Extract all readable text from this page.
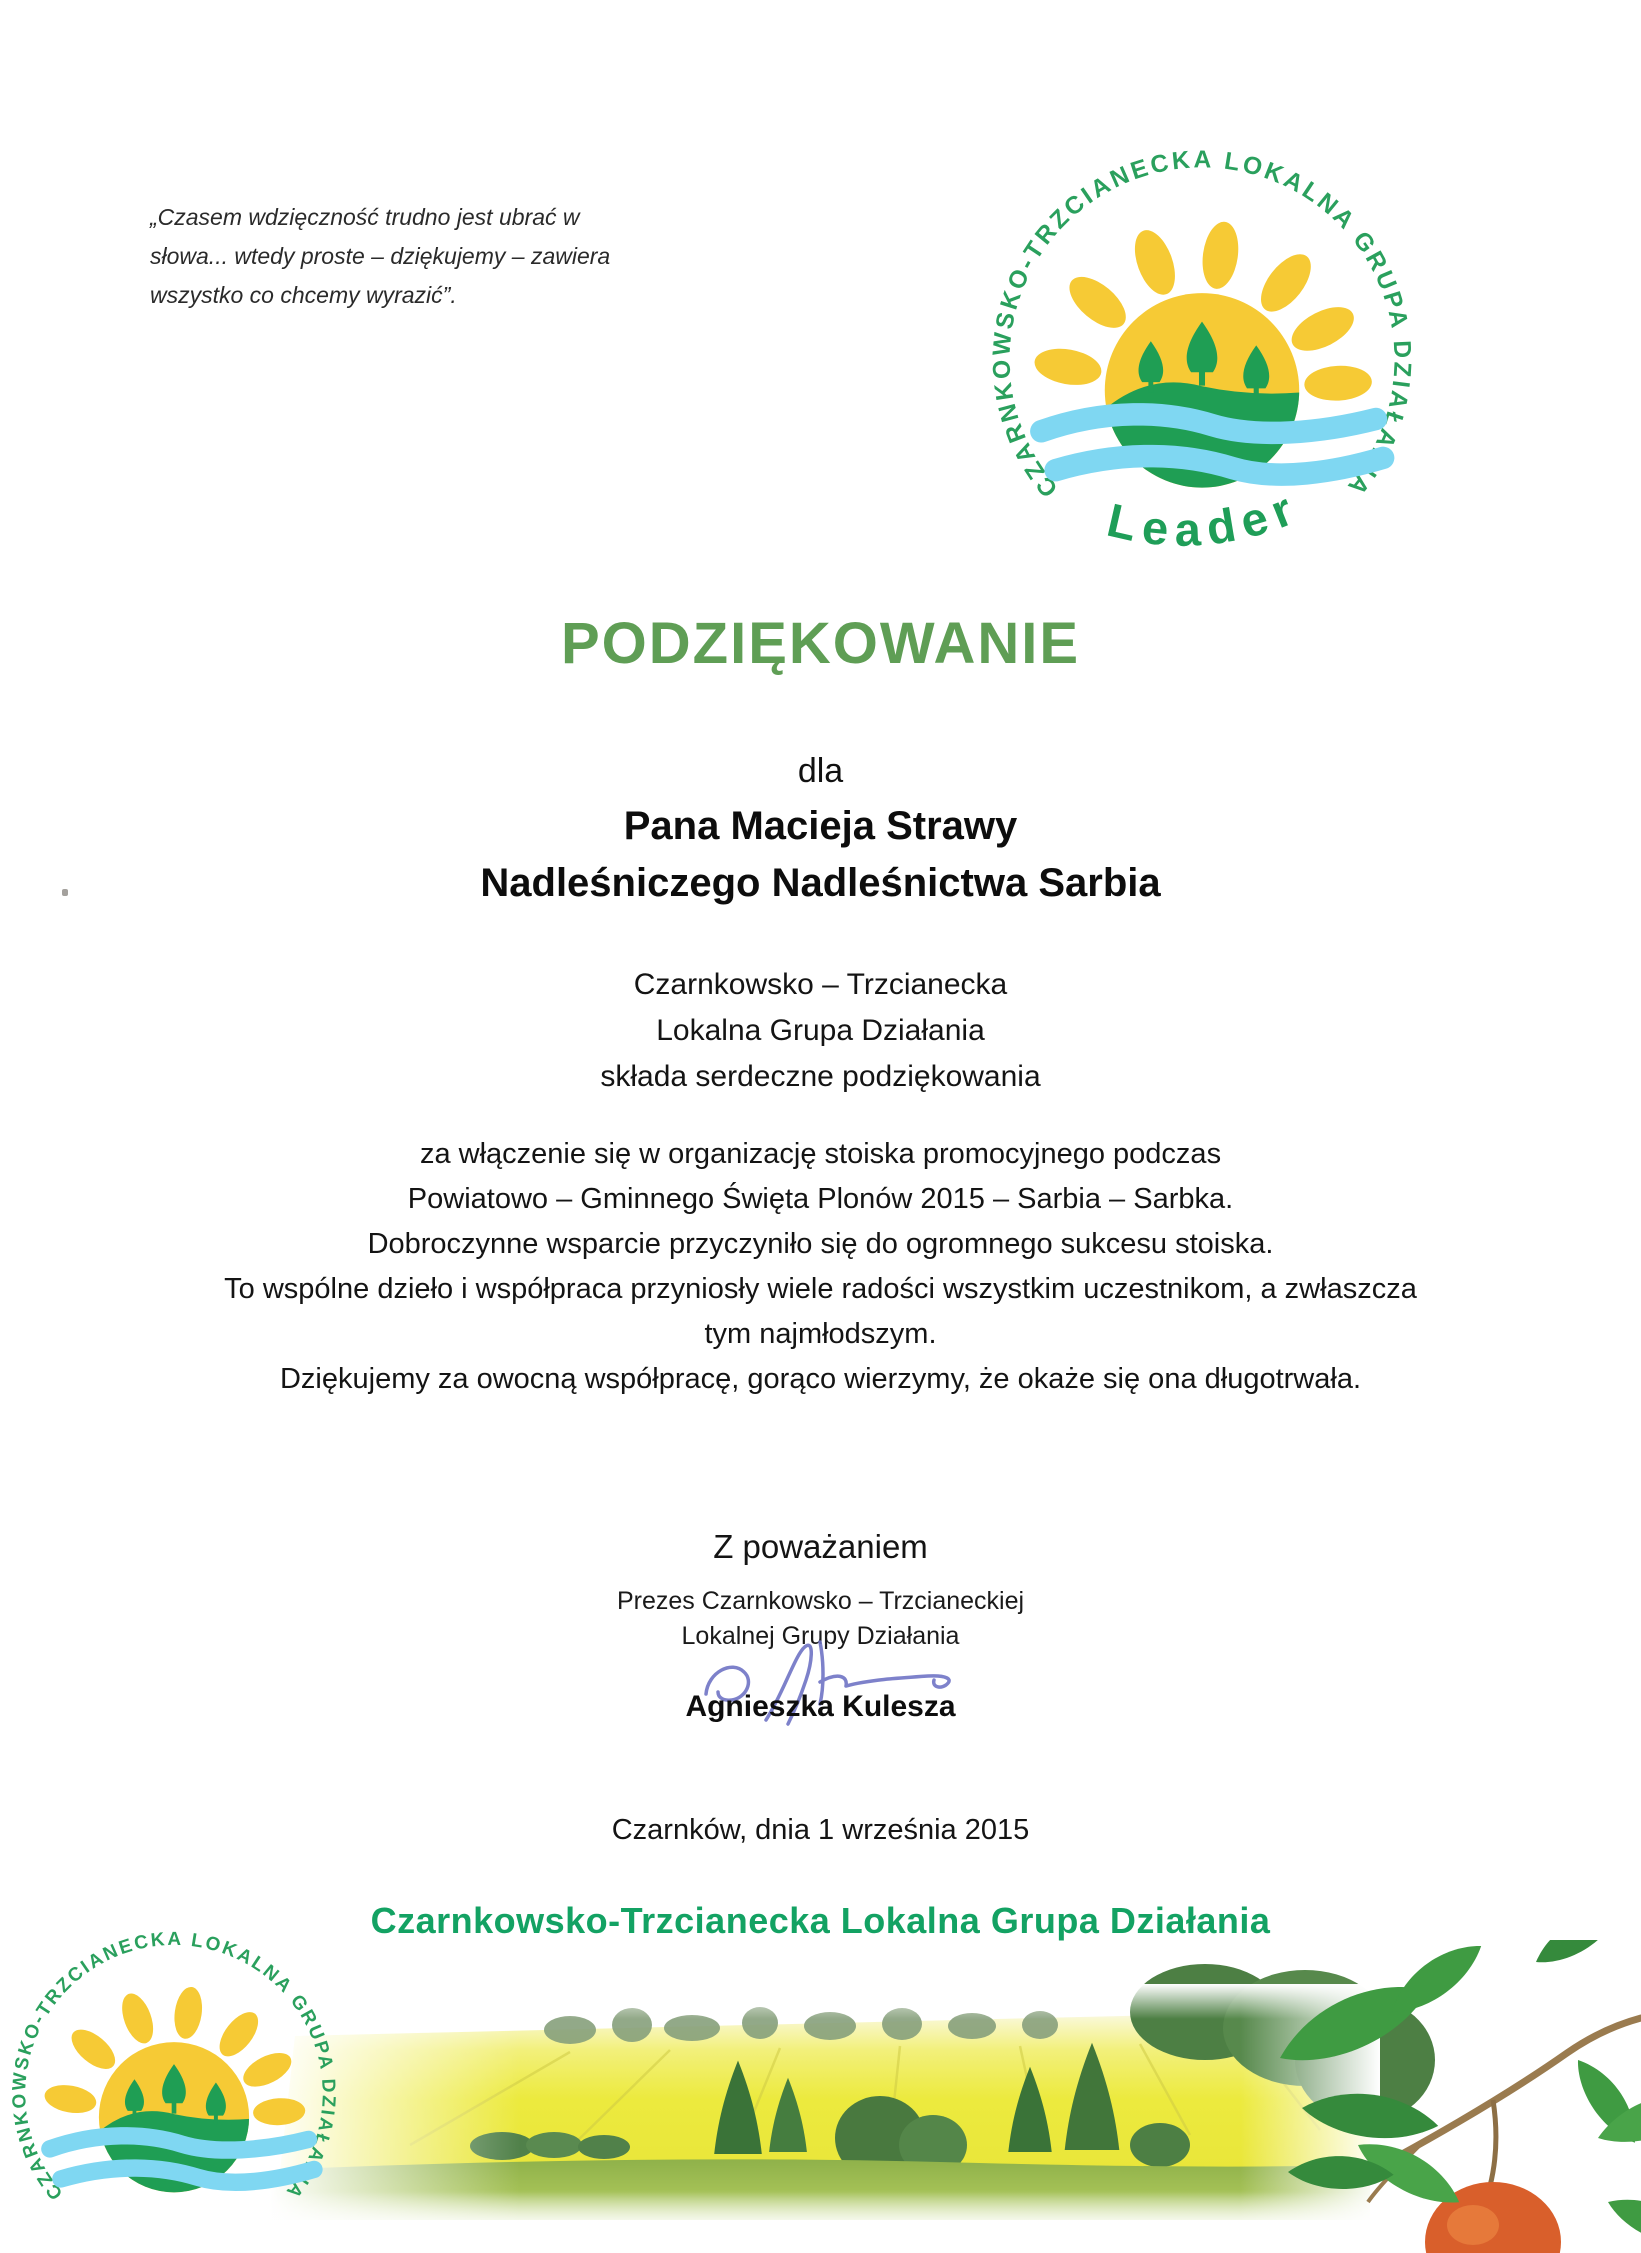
„Czasem wdzięczność trudno jest ubrać w
słowa... wtedy proste – dziękujemy – zawiera
wszystko co chcemy wyrazić”.
CZARNKOWSKO-TRZCIANECKA LOKALNA GRUPA DZIAŁANIA
Leader
PODZIĘKOWANIE
dla
Pana Macieja Strawy
Nadleśniczego Nadleśnictwa Sarbia
Czarnkowsko – Trzcianecka
Lokalna Grupa Działania
składa serdeczne podziękowania
za włączenie się w organizację stoiska promocyjnego podczas
Powiatowo – Gminnego Święta Plonów 2015 – Sarbia – Sarbka.
Dobroczynne wsparcie przyczyniło się do ogromnego sukcesu stoiska.
To wspólne dzieło i współpraca przyniosły wiele radości wszystkim uczestnikom, a zwłaszcza
tym najmłodszym.
Dziękujemy za owocną współpracę, gorąco wierzymy, że okaże się ona długotrwała.
Z poważaniem
Prezes Czarnkowsko – Trzcianeckiej
Lokalnej Grupy Działania
Agnieszka Kulesza
Czarnków, dnia 1 września 2015
Czarnkowsko-Trzcianecka Lokalna Grupa Działania
CZARNKOWSKO-TRZCIANECKA LOKALNA GRUPA DZIAŁANIA
